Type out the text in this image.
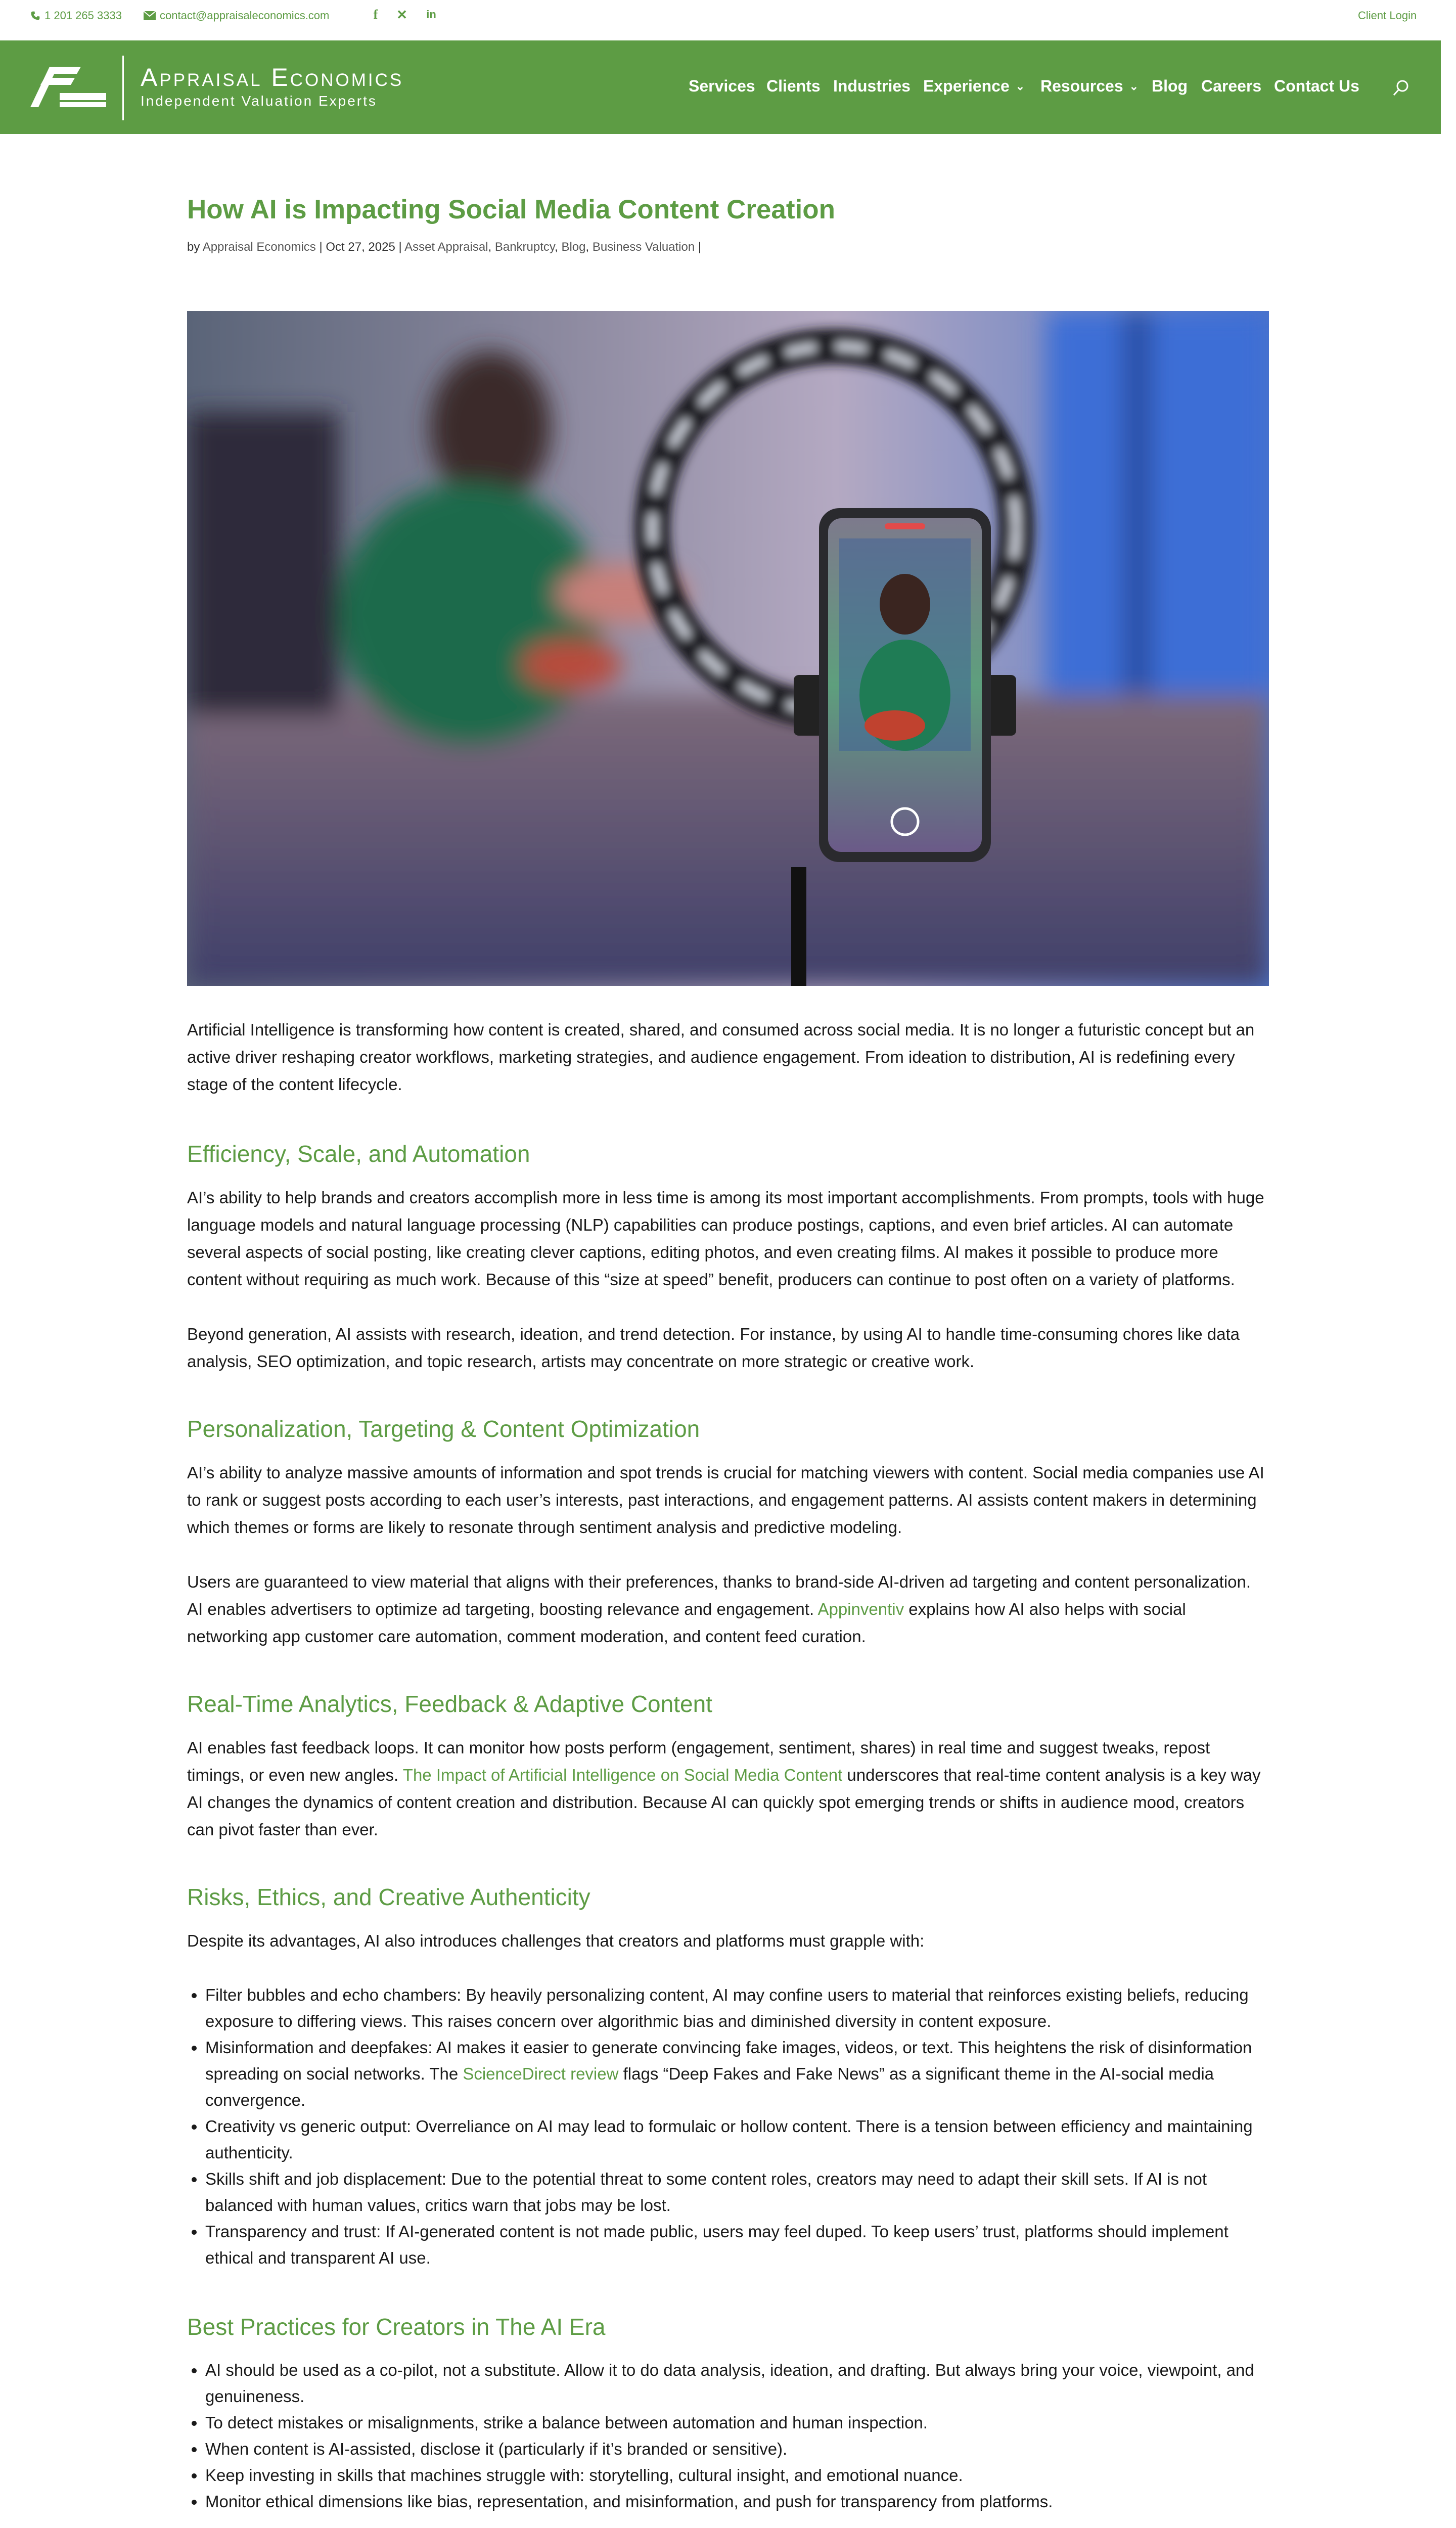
1 201 265 3333	contact@appraisaleconomics.com	f	✕ in	Client Login
Appraisal Economics
Independent Valuation Experts
Services Clients Industries Experience ⌄ Resources ⌄ Blog Careers Contact Us
How AI is Impacting Social Media Content Creation
by Appraisal Economics | Oct 27, 2025 | Asset Appraisal, Bankruptcy, Blog, Business Valuation |

Artificial Intelligence is transforming how content is created, shared, and consumed across social media. It is no longer a futuristic concept but an active driver reshaping creator workflows, marketing strategies, and audience engagement. From ideation to distribution, AI is redefining every stage of the content lifecycle.

Efficiency, Scale, and Automation

AI’s ability to help brands and creators accomplish more in less time is among its most important accomplishments. From prompts, tools with huge language models and natural language processing (NLP) capabilities can produce postings, captions, and even brief articles. AI can automate several aspects of social posting, like creating clever captions, editing photos, and even creating films. AI makes it possible to produce more content without requiring as much work. Because of this “size at speed” benefit, producers can continue to post often on a variety of platforms.

Beyond generation, AI assists with research, ideation, and trend detection. For instance, by using AI to handle time-consuming chores like data analysis, SEO optimization, and topic research, artists may concentrate on more strategic or creative work.

Personalization, Targeting & Content Optimization

AI’s ability to analyze massive amounts of information and spot trends is crucial for matching viewers with content. Social media companies use AI to rank or suggest posts according to each user’s interests, past interactions, and engagement patterns. AI assists content makers in determining which themes or forms are likely to resonate through sentiment analysis and predictive modeling.

Users are guaranteed to view material that aligns with their preferences, thanks to brand-side AI-driven ad targeting and content personalization. AI enables advertisers to optimize ad targeting, boosting relevance and engagement. Appinventiv explains how AI also helps with social networking app customer care automation, comment moderation, and content feed curation.

Real-Time Analytics, Feedback & Adaptive Content

AI enables fast feedback loops. It can monitor how posts perform (engagement, sentiment, shares) in real time and suggest tweaks, repost timings, or even new angles. The Impact of Artificial Intelligence on Social Media Content underscores that real-time content analysis is a key way AI changes the dynamics of content creation and distribution. Because AI can quickly spot emerging trends or shifts in audience mood, creators can pivot faster than ever.

Risks, Ethics, and Creative Authenticity

Despite its advantages, AI also introduces challenges that creators and platforms must grapple with:

• Filter bubbles and echo chambers: By heavily personalizing content, AI may confine users to material that reinforces existing beliefs, reducing exposure to differing views. This raises concern over algorithmic bias and diminished diversity in content exposure.
• Misinformation and deepfakes: AI makes it easier to generate convincing fake images, videos, or text. This heightens the risk of disinformation spreading on social networks. The ScienceDirect review flags “Deep Fakes and Fake News” as a significant theme in the AI-social media convergence.
• Creativity vs generic output: Overreliance on AI may lead to formulaic or hollow content. There is a tension between efficiency and maintaining authenticity.
• Skills shift and job displacement: Due to the potential threat to some content roles, creators may need to adapt their skill sets. If AI is not balanced with human values, critics warn that jobs may be lost.
• Transparency and trust: If AI-generated content is not made public, users may feel duped. To keep users’ trust, platforms should implement ethical and transparent AI use.
Best Practices for Creators in The AI Era
• AI should be used as a co-pilot, not a substitute. Allow it to do data analysis, ideation, and drafting. But always bring your voice, viewpoint, and genuineness.
• To detect mistakes or misalignments, strike a balance between automation and human inspection.
• When content is AI-assisted, disclose it (particularly if it’s branded or sensitive).
• Keep investing in skills that machines struggle with: storytelling, cultural insight, and emotional nuance.
• Monitor ethical dimensions like bias, representation, and misinformation, and push for transparency from platforms.
